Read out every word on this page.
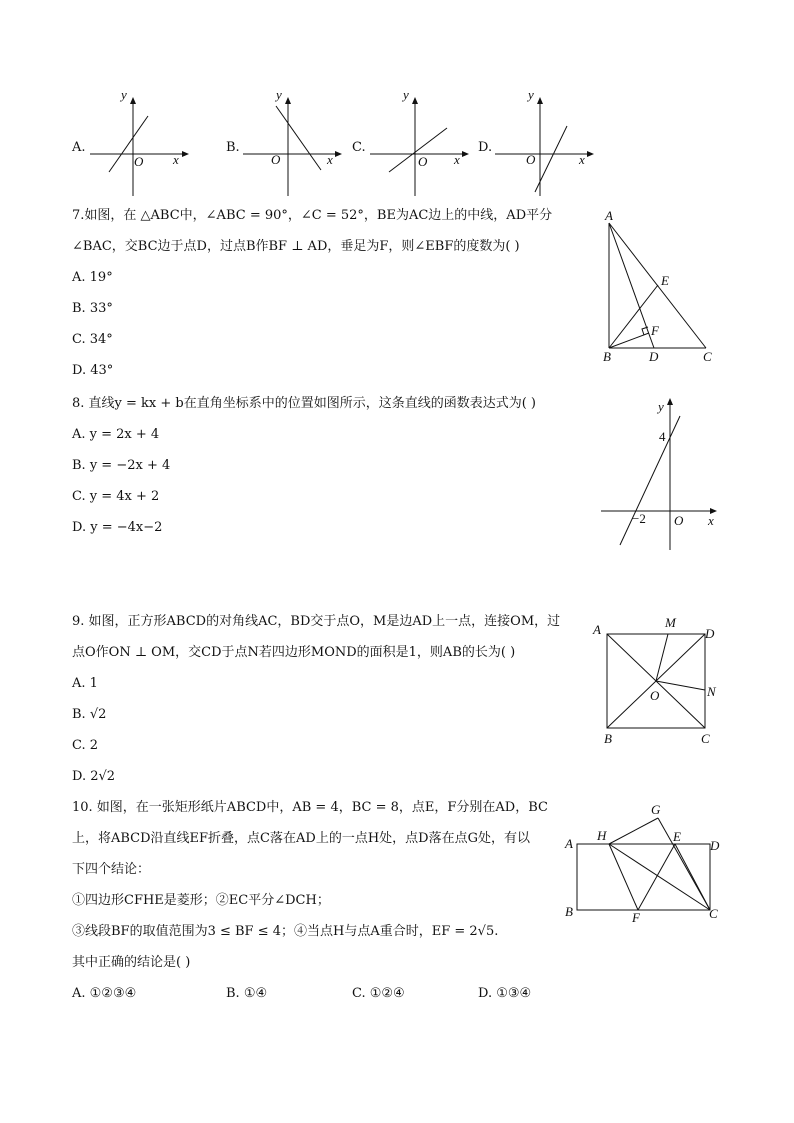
A.
y
x
O
B.
y
x
O
C.
y
x
O
D.
y
x
O
7.如图，在 △ABC中，∠ABC = 90°，∠C = 52°，BE为AC边上的中线，AD平分
∠BAC，交BC边于点D，过点B作BF ⊥ AD，垂足为F，则∠EBF的度数为( )
A. 19°
B. 33°
C. 34°
D. 43°
A
E
F
B	D	C
8. 直线y = kx + b在直角坐标系中的位置如图所示，这条直线的函数表达式为( )
A. y = 2x + 4
B. y = −2x + 4
C. y = 4x + 2
D. y = −4x−2
y
x
O
4
−2
9. 如图，正方形ABCD的对角线AC，BD交于点O，M是边AD上一点，连接OM，过
点O作ON ⊥ OM，交CD于点N若四边形MOND的面积是1，则AB的长为( )
A. 1
B. √2
C. 2
D. 2√2
A	M
D
O	N
B	C
10. 如图，在一张矩形纸片ABCD中，AB = 4，BC = 8，点E，F分别在AD，BC
上，将ABCD沿直线EF折叠，点C落在AD上的一点H处，点D落在点G处，有以
下四个结论：
①四边形CFHE是菱形；②EC平分∠DCH；
③线段BF的取值范围为3 ≤ BF ≤ 4；④当点H与点A重合时，EF = 2√5.
其中正确的结论是( )
A. ①②③④	B. ①④	C. ①②④	D. ①③④
G
H	E
A	D
B	F	C
